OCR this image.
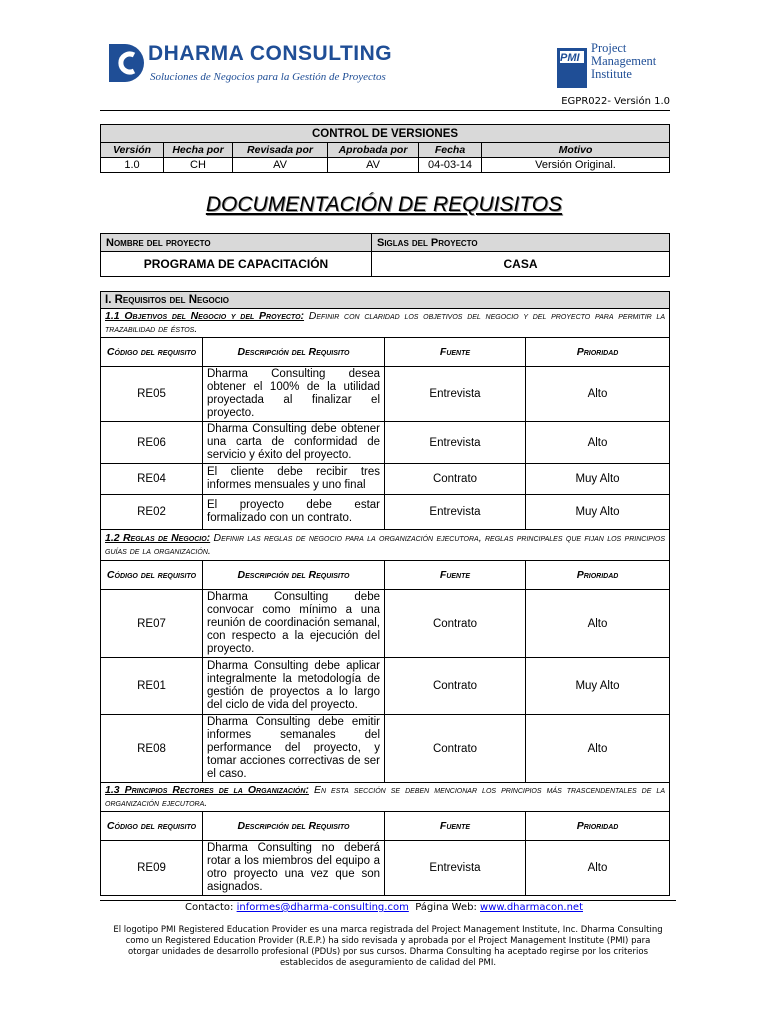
DHARMA CONSULTING
Soluciones de Negocios para la Gestión de Proyectos
PMI
Project
Management
Institute
EGPR022- Versión 1.0
CONTROL DE VERSIONES					
Versión	Hecha por	Revisada por	Aprobada por	Fecha	Motivo
1.0	CH	AV	AV	04-03-14	Versión Original.
DOCUMENTACIÓN DE REQUISITOS
Nombre del proyecto	Siglas del Proyecto
PROGRAMA DE CAPACITACIÓN	CASA
I. Requisitos del Negocio			
1.1 Objetivos del Negocio y del Proyecto: Definir con claridad los objetivos del negocio y del proyecto para permitir la trazabilidad de éstos.			
Código del requisito	Descripción del Requisito	Fuente	Prioridad
RE05	Dharma Consulting desea obtener el 100% de la utilidad proyectada al finalizar el proyecto.	Entrevista	Alto
RE06	Dharma Consulting debe obtener una carta de conformidad de servicio y éxito del proyecto.	Entrevista	Alto
RE04	El cliente debe recibir tres informes mensuales y uno final	Contrato	Muy Alto
RE02	El proyecto debe estar formalizado con un contrato.	Entrevista	Muy Alto
1.2 Reglas de Negocio: Definir las reglas de negocio para la organización ejecutora, reglas principales que fijan los principios guías de la organización.			
Código del requisito	Descripción del Requisito	Fuente	Prioridad
RE07	Dharma Consulting debe convocar como mínimo a una reunión de coordinación semanal, con respecto a la ejecución del proyecto.	Contrato	Alto
RE01	Dharma Consulting debe aplicar integralmente la metodología de gestión de proyectos a lo largo del ciclo de vida del proyecto.	Contrato	Muy Alto
RE08	Dharma Consulting debe emitir informes semanales del performance del proyecto, y tomar acciones correctivas de ser el caso.	Contrato	Alto
1.3 Principios Rectores de la Organización: En esta sección se deben mencionar los principios más trascendentales de la organización ejecutora.			
Código del requisito	Descripción del Requisito	Fuente	Prioridad
RE09	Dharma Consulting no deberá rotar a los miembros del equipo a otro proyecto una vez que son asignados.	Entrevista	Alto
Contacto: informes@dharma-consulting.com Página Web: www.dharmacon.net
El logotipo PMI Registered Education Provider es una marca registrada del Project Management Institute, Inc. Dharma Consulting como un Registered Education Provider (R.E.P.) ha sido revisada y aprobada por el Project Management Institute (PMI) para otorgar unidades de desarrollo profesional (PDUs) por sus cursos. Dharma Consulting ha aceptado regirse por los criterios establecidos de aseguramiento de calidad del PMI.
